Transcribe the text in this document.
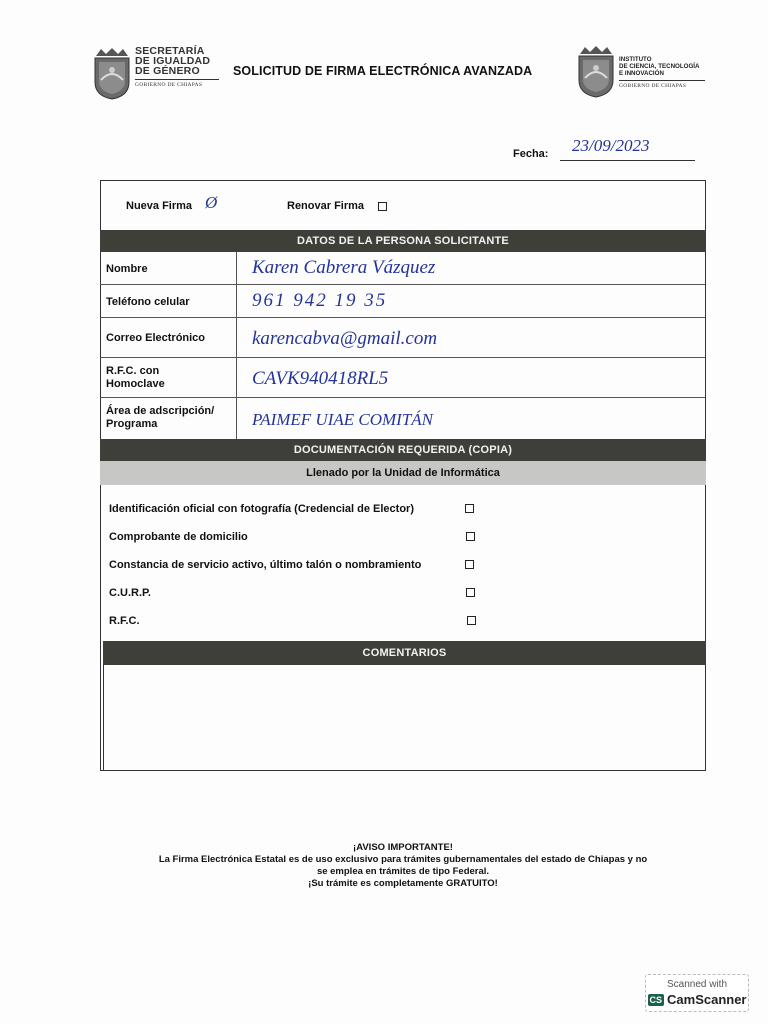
SECRETARÍA
DE IGUALDAD
DE GÉNERO
GOBIERNO DE CHIAPAS
SOLICITUD DE FIRMA ELECTRÓNICA AVANZADA
INSTITUTO
DE CIENCIA, TECNOLOGÍA
E INNOVACIÓN
GOBIERNO DE CHIAPAS
Fecha: 23/09/2023
Nueva Firma Ø	Renovar Firma
DATOS DE LA PERSONA SOLICITANTE
Nombre	Karen Cabrera Vázquez
Teléfono celular	961 942 19 35
Correo Electrónico karencabva@gmail.com
R.F.C. con Homoclave	CAVK940418RL5
Área de adscripción/ Programa	PAIMEF UIAE COMITÁN
DOCUMENTACIÓN REQUERIDA (COPIA)
Llenado por la Unidad de Informática
Identificación oficial con fotografía (Credencial de Elector)
Comprobante de domicilio
Constancia de servicio activo, último talón o nombramiento
C.U.R.P.
R.F.C.
COMENTARIOS
¡AVISO IMPORTANTE!
La Firma Electrónica Estatal es de uso exclusivo para trámites gubernamentales del estado de Chiapas y no
se emplea en trámites de tipo Federal.
¡Su trámite es completamente GRATUITO!
Scanned with
CS CamScanner
